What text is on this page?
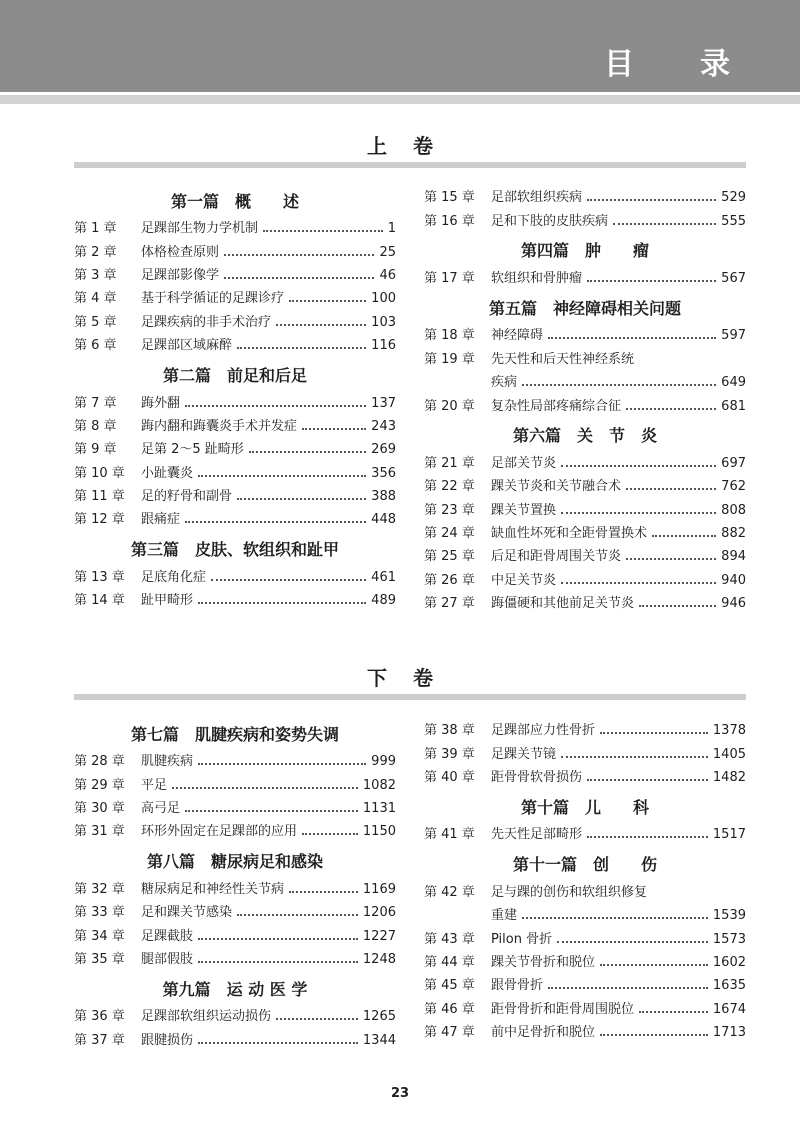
目　录
上卷
第一篇　概　　述
第 1 章	足踝部生物力学机制	1
第 2 章	体格检查原则	25
第 3 章	足踝部影像学	46
第 4 章	基于科学循证的足踝诊疗	100
第 5 章	足踝疾病的非手术治疗	103
第 6 章	足踝部区域麻醉	116
第二篇　前足和后足
第 7 章	踇外翻	137
第 8 章	踇内翻和踇囊炎手术并发症	243
第 9 章	足第 2～5 趾畸形	269
第 10 章	小趾囊炎	356
第 11 章	足的籽骨和副骨	388
第 12 章	跟痛症	448
第三篇　皮肤、软组织和趾甲
第 13 章	足底角化症	461
第 14 章	趾甲畸形	489
第 15 章	足部软组织疾病	529
第 16 章	足和下肢的皮肤疾病	555
第四篇　肿　　瘤
第 17 章	软组织和骨肿瘤	567
第五篇　神经障碍相关问题
第 18 章	神经障碍	597
第 19 章	先天性和后天性神经系统
疾病	649
第 20 章	复杂性局部疼痛综合征	681
第六篇　关　节　炎
第 21 章	足部关节炎	697
第 22 章	踝关节炎和关节融合术	762
第 23 章	踝关节置换	808
第 24 章	缺血性坏死和全距骨置换术	882
第 25 章	后足和距骨周围关节炎	894
第 26 章	中足关节炎	940
第 27 章	踇僵硬和其他前足关节炎	946
下卷
第七篇　肌腱疾病和姿势失调
第 28 章	肌腱疾病	999
第 29 章	平足	1082
第 30 章	高弓足	1131
第 31 章	环形外固定在足踝部的应用	1150
第八篇　糖尿病足和感染
第 32 章	糖尿病足和神经性关节病	1169
第 33 章	足和踝关节感染	1206
第 34 章	足踝截肢	1227
第 35 章	腿部假肢	1248
第九篇　运 动 医 学
第 36 章	足踝部软组织运动损伤	1265
第 37 章	跟腱损伤	1344
第 38 章	足踝部应力性骨折	1378
第 39 章	足踝关节镜	1405
第 40 章	距骨骨软骨损伤	1482
第十篇　儿　　科
第 41 章	先天性足部畸形	1517
第十一篇　创　　伤
第 42 章	足与踝的创伤和软组织修复
重建	1539
第 43 章	Pilon 骨折	1573
第 44 章	踝关节骨折和脱位	1602
第 45 章	跟骨骨折	1635
第 46 章	距骨骨折和距骨周围脱位	1674
第 47 章	前中足骨折和脱位	1713
23
